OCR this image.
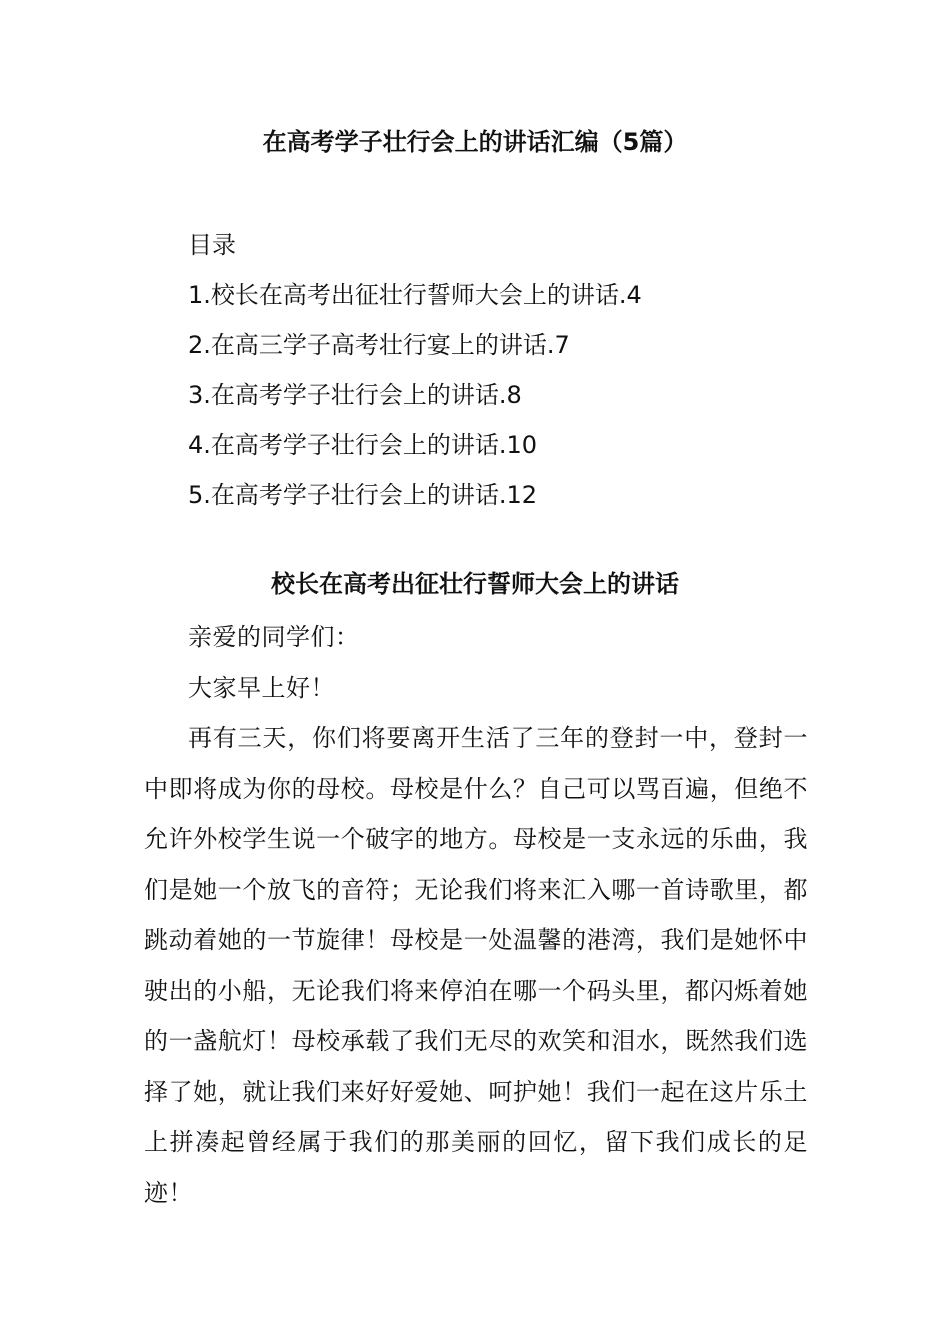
在高考学子壮行会上的讲话汇编（5篇）

目录

1.校长在高考出征壮行誓师大会上的讲话.4

2.在高三学子高考壮行宴上的讲话.7

3.在高考学子壮行会上的讲话.8

4.在高考学子壮行会上的讲话.10

5.在高考学子壮行会上的讲话.12

校长在高考出征壮行誓师大会上的讲话

亲爱的同学们：

大家早上好！

再有三天，你们将要离开生活了三年的登封一中，登封一中即将成为你的母校。母校是什么？自己可以骂百遍，但绝不允许外校学生说一个破字的地方。母校是一支永远的乐曲，我们是她一个放飞的音符；无论我们将来汇入哪一首诗歌里，都跳动着她的一节旋律！母校是一处温馨的港湾，我们是她怀中驶出的小船，无论我们将来停泊在哪一个码头里，都闪烁着她的一盏航灯！母校承载了我们无尽的欢笑和泪水，既然我们选择了她，就让我们来好好爱她、呵护她！我们一起在这片乐土上拼凑起曾经属于我们的那美丽的回忆，留下我们成长的足迹！
